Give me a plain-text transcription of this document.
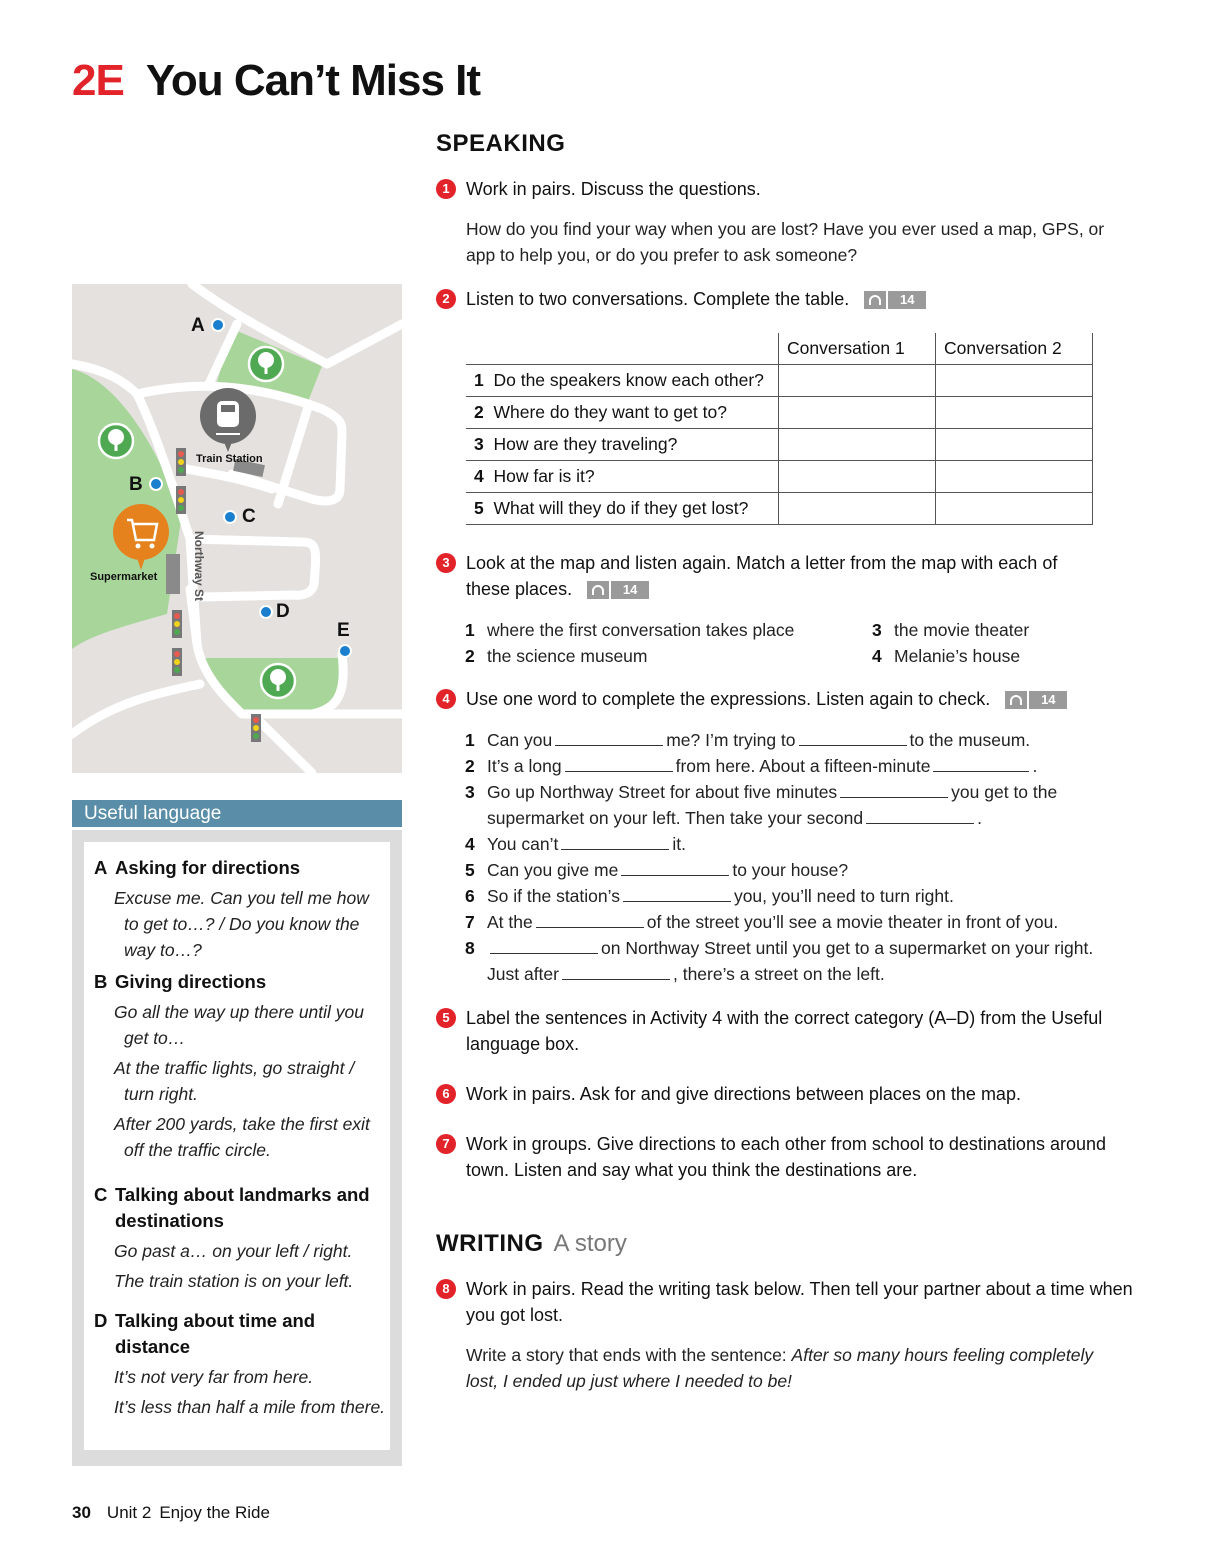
2E You Can’t Miss It
SPEAKING
1 Work in pairs. Discuss the questions.
How do you find your way when you are lost? Have you ever used a map, GPS, or app to help you, or do you prefer to ask someone?
2 Listen to two conversations. Complete the table.	14
	Conversation 1	Conversation 2
1 Do the speakers know each other?		
2 Where do they want to get to?		
3 How are they traveling?		
4 How far is it?		
5 What will they do if they get lost?		
3 Look at the map and listen again. Match a letter from the map with each of these places.	14
1 where the first conversation takes place
2 the science museum
3 the movie theater
4 Melanie’s house
4 Use one word to complete the expressions. Listen again to check.	14
1 Can you	me? I’m trying to	to the museum.
2 It’s a long	from here. About a fifteen-minute	.
3 Go up Northway Street for about five minutes	you get to the
supermarket on your left. Then take your second	.
4 You can’t	it.
5 Can you give me	to your house?
6 So if the station’s	you, you’ll need to turn right.
7 At the	of the street you’ll see a movie theater in front of you.
8	on Northway Street until you get to a supermarket on your right.
Just after	, there’s a street on the left.
5 Label the sentences in Activity 4 with the correct category (A–D) from the Useful language box.
6 Work in pairs. Ask for and give directions between places on the map.
7 Work in groups. Give directions to each other from school to destinations around town. Listen and say what you think the destinations are.
WRITING A story
8 Work in pairs. Read the writing task below. Then tell your partner about a time when you got lost.
Write a story that ends with the sentence: After so many hours feeling completely lost, I ended up just where I needed to be!
A
B
C
D
E
Train Station
Supermarket	Northway St
Useful language
A Asking for directions
Excuse me. Can you tell me how to get to…? / Do you know the way to…?
B Giving directions
Go all the way up there until you get to…
At the traffic lights, go straight / turn right.
After 200 yards, take the first exit off the traffic circle.
C Talking about landmarks and destinations
Go past a… on your left / right.
The train station is on your left.
D Talking about time and distance
It’s not very far from here.
It’s less than half a mile from there.
30 Unit 2 Enjoy the Ride
